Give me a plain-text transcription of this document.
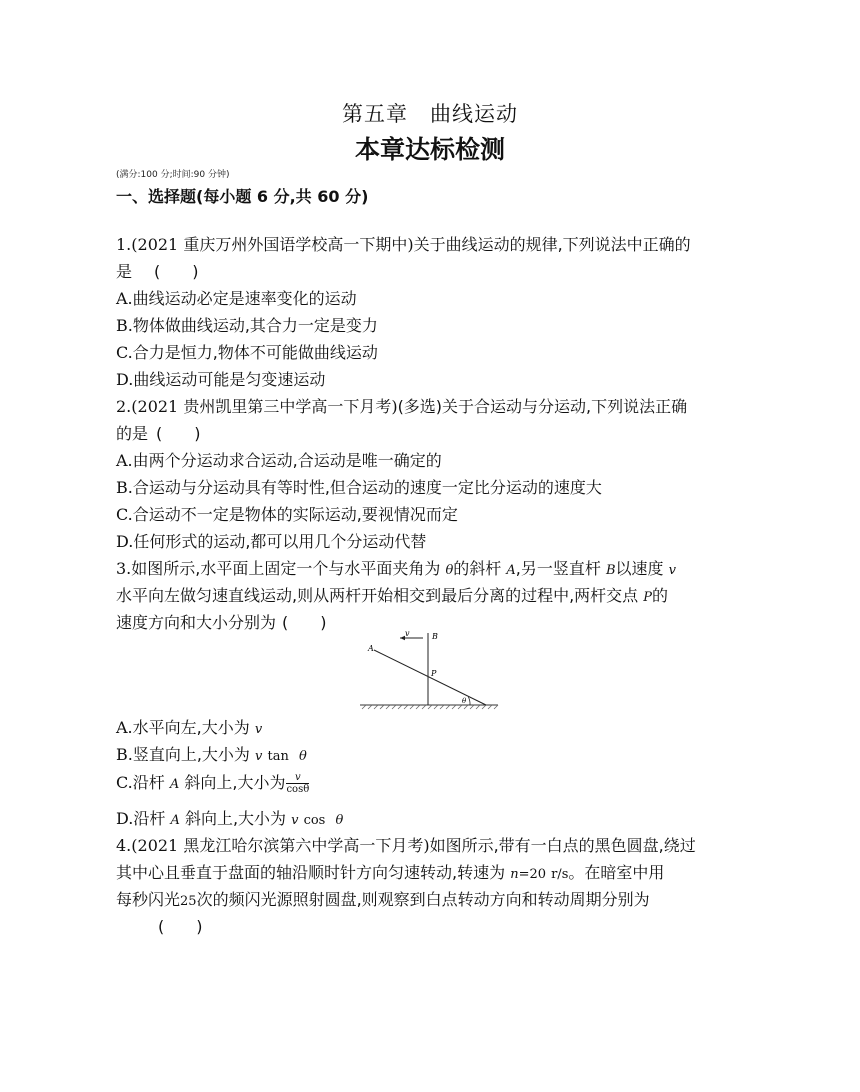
第五章 曲线运动
本章达标检测
(满分:100 分;时间:90 分钟)
一、选择题(每小题 6 分,共 60 分)
1.(2021 重庆万州外国语学校高一下期中)关于曲线运动的规律,下列说法中正确的
是 (　　)
A.曲线运动必定是速率变化的运动
B.物体做曲线运动,其合力一定是变力
C.合力是恒力,物体不可能做曲线运动
D.曲线运动可能是匀变速运动
2.(2021 贵州凯里第三中学高一下月考)(多选)关于合运动与分运动,下列说法正确
的是 (　　)
A.由两个分运动求合运动,合运动是唯一确定的
B.合运动与分运动具有等时性,但合运动的速度一定比分运动的速度大
C.合运动不一定是物体的实际运动,要视情况而定
D.任何形式的运动,都可以用几个分运动代替
3.如图所示,水平面上固定一个与水平面夹角为 θ的斜杆 A,另一竖直杆 B以速度 v
水平向左做匀速直线运动,则从两杆开始相交到最后分离的过程中,两杆交点 P的
速度方向和大小分别为 (　　)
v	B
A
P
θ
A.水平向左,大小为 v
B.竖直向上,大小为 v tan θ
C.沿杆 A 斜向上,大小为 $\frac{v}{\cos\theta}$
D.沿杆 A 斜向上,大小为 v cos θ
4.(2021 黑龙江哈尔滨第六中学高一下月考)如图所示,带有一白点的黑色圆盘,绕过
其中心且垂直于盘面的轴沿顺时针方向匀速转动,转速为 n=20 r/s。在暗室中用
每秒闪光25次的频闪光源照射圆盘,则观察到白点转动方向和转动周期分别为
(　　)
